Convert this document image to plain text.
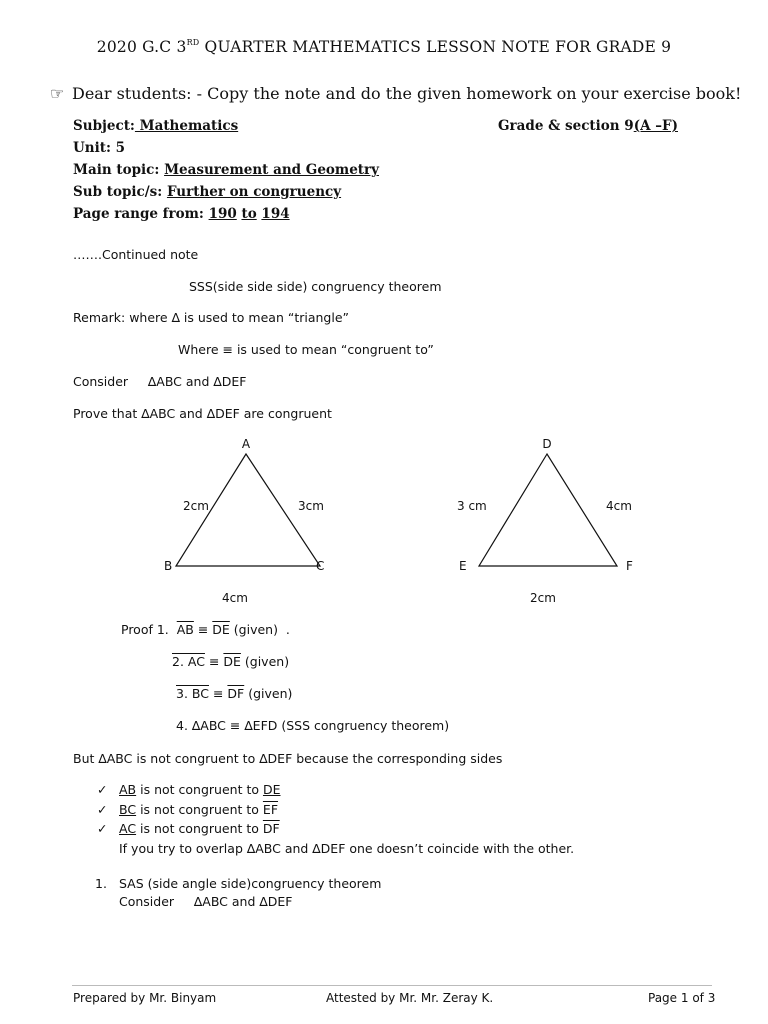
2020 G.C 3RD QUARTER MATHEMATICS LESSON NOTE FOR GRADE 9
☞ Dear students: - Copy the note and do the given homework on your exercise book!
Subject: Mathematics	Grade & section 9(A –F)
Unit: 5
Main topic: Measurement and Geometry
Sub topic/s: Further on congruency
Page range from: 190 to 194
…….Continued note
SSS(side side side) congruency theorem
Remark: where ∆ is used to mean “triangle”
Where ≡ is used to mean “congruent to”
Consider     ∆ABC and ∆DEF
Prove that ∆ABC and ∆DEF are congruent
A
B	C
2cm	3cm
4cm
D
E	F
3 cm	4cm
2cm
Proof 1.  $\overline{AB} \equiv \overline{DE}$ (given)  .
2. AC ≡ $\overline{DE}$ (given)
3. BC ≡ $\overline{DF}$ (given)
4. ∆ABC ≡ ∆EFD (SSS congruency theorem)
But ∆ABC is not congruent to ∆DEF because the corresponding sides
✓ AB is not congruent to DE
✓ BC is not congruent to $\overline{EF}$
✓ AC is not congruent to $\overline{DF}$
If you try to overlap ∆ABC and ∆DEF one doesn’t coincide with the other.
1. SAS (side angle side)congruency theorem
Consider     ∆ABC and ∆DEF
Prepared by Mr. Binyam	Attested by Mr. Mr. Zeray K.	Page 1 of 3
